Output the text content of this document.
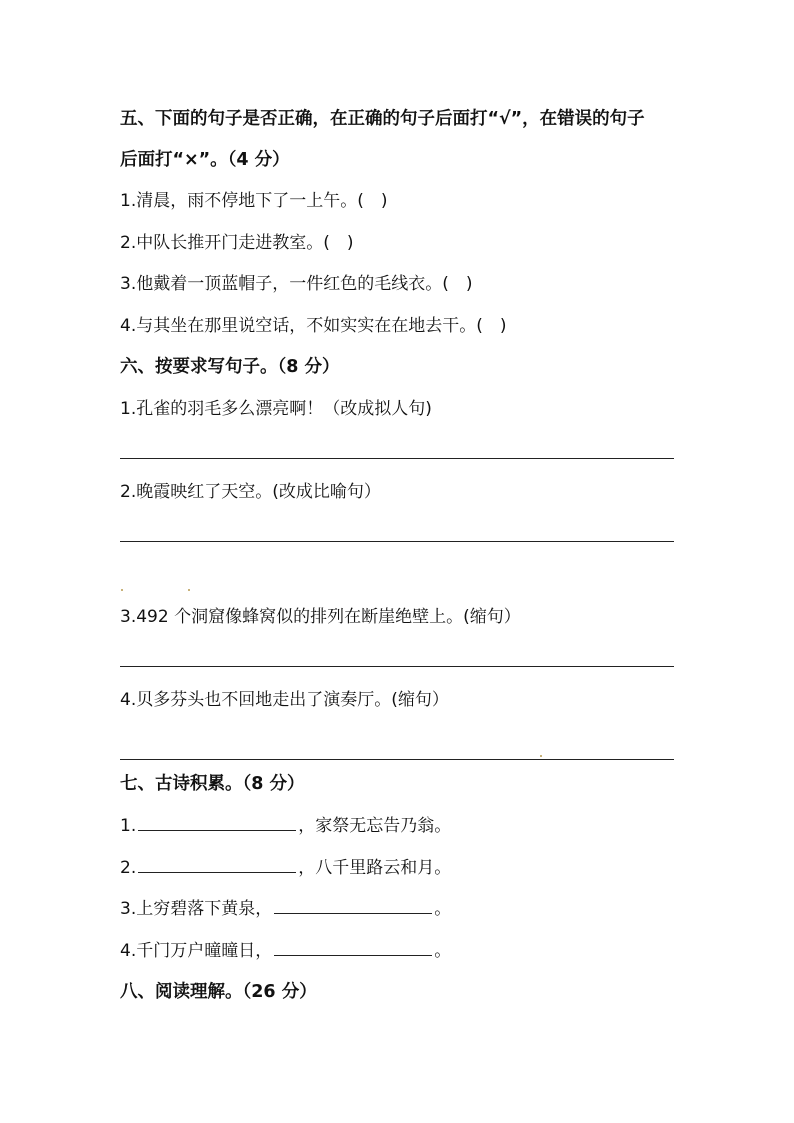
五、下面的句子是否正确，在正确的句子后面打“√”，在错误的句子
后面打“×”。（4 分）
1.清晨，雨不停地下了一上午。(　)
2.中队长推开门走进教室。(　)
3.他戴着一顶蓝帽子，一件红色的毛线衣。(　)
4.与其坐在那里说空话，不如实实在在地去干。(　)
六、按要求写句子。（8 分）
1.孔雀的羽毛多么漂亮啊！（改成拟人句)
2.晚霞映红了天空。(改成比喻句）
3.492 个洞窟像蜂窝似的排列在断崖绝壁上。(缩句）
4.贝多芬头也不回地走出了演奏厅。(缩句）
七、古诗积累。（8 分）
1.	，家祭无忘告乃翁。
2.	，八千里路云和月。
3.上穷碧落下黄泉，	。
4.千门万户曈曈日，	。
八、阅读理解。（26 分）
